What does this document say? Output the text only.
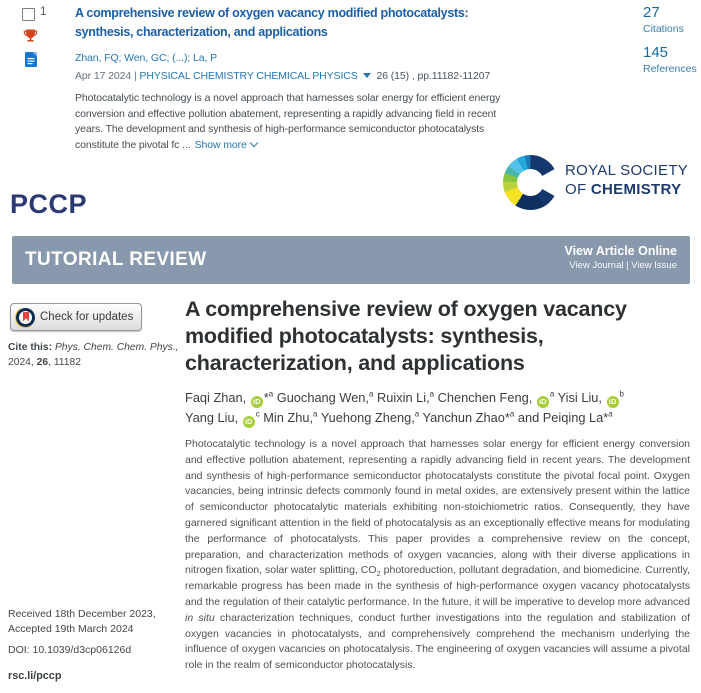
1 A comprehensive review of oxygen vacancy modified photocatalysts: synthesis, characterization, and applications
Zhan, FQ; Wen, GC; (...); La, P
Apr 17 2024 | PHYSICAL CHEMISTRY CHEMICAL PHYSICS 26 (15) , pp.11182-11207
Photocatalytic technology is a novel approach that harnesses solar energy for efficient energy conversion and effective pollution abatement, representing a rapidly advancing field in recent years. The development and synthesis of high-performance semiconductor photocatalysts constitute the pivotal fc ... Show more
27
Citations
145
References
PCCP
ROYAL SOCIETY
OF CHEMISTRY
TUTORIAL REVIEW	View Article Online
View Journal | View Issue
Check for updates
Cite this: Phys. Chem. Chem. Phys.,
2024, 26, 11182
Received 18th December 2023,
Accepted 19th March 2024
DOI: 10.1039/d3cp06126d
rsc.li/pccp
A comprehensive review of oxygen vacancy modified photocatalysts: synthesis, characterization, and applications
Faqi Zhan, iD *$^a$ Guochang Wen,$^a$ Ruixin Li,$^a$ Chenchen Feng, $iD^a$ Yisi Liu, $iD^b$
Yang Liu, $iD^c$ Min Zhu,$^a$ Yuehong Zheng,$^a$ Yanchun Zhao*$^a$ and Peiqing La*$^a$
Photocatalytic technology is a novel approach that harnesses solar energy for efficient energy conversion and effective pollution abatement, representing a rapidly advancing field in recent years. The development and synthesis of high-performance semiconductor photocatalysts constitute the pivotal focal point. Oxygen vacancies, being intrinsic defects commonly found in metal oxides, are extensively present within the lattice of semiconductor photocatalytic materials exhibiting non-stoichiometric ratios. Consequently, they have garnered significant attention in the field of photocatalysis as an exceptionally effective means for modulating the performance of photocatalysts. This paper provides a comprehensive review on the concept, preparation, and characterization methods of oxygen vacancies, along with their diverse applications in nitrogen fixation, solar water splitting, $CO_2$ photoreduction, pollutant degradation, and biomedicine. Currently, remarkable progress has been made in the synthesis of high-performance oxygen vacancy photocatalysts and the regulation of their catalytic performance. In the future, it will be imperative to develop more advanced in situ characterization techniques, conduct further investigations into the regulation and stabilization of oxygen vacancies in photocatalysts, and comprehensively comprehend the mechanism underlying the influence of oxygen vacancies on photocatalysis. The engineering of oxygen vacancies will assume a pivotal role in the realm of semiconductor photocatalysis.
